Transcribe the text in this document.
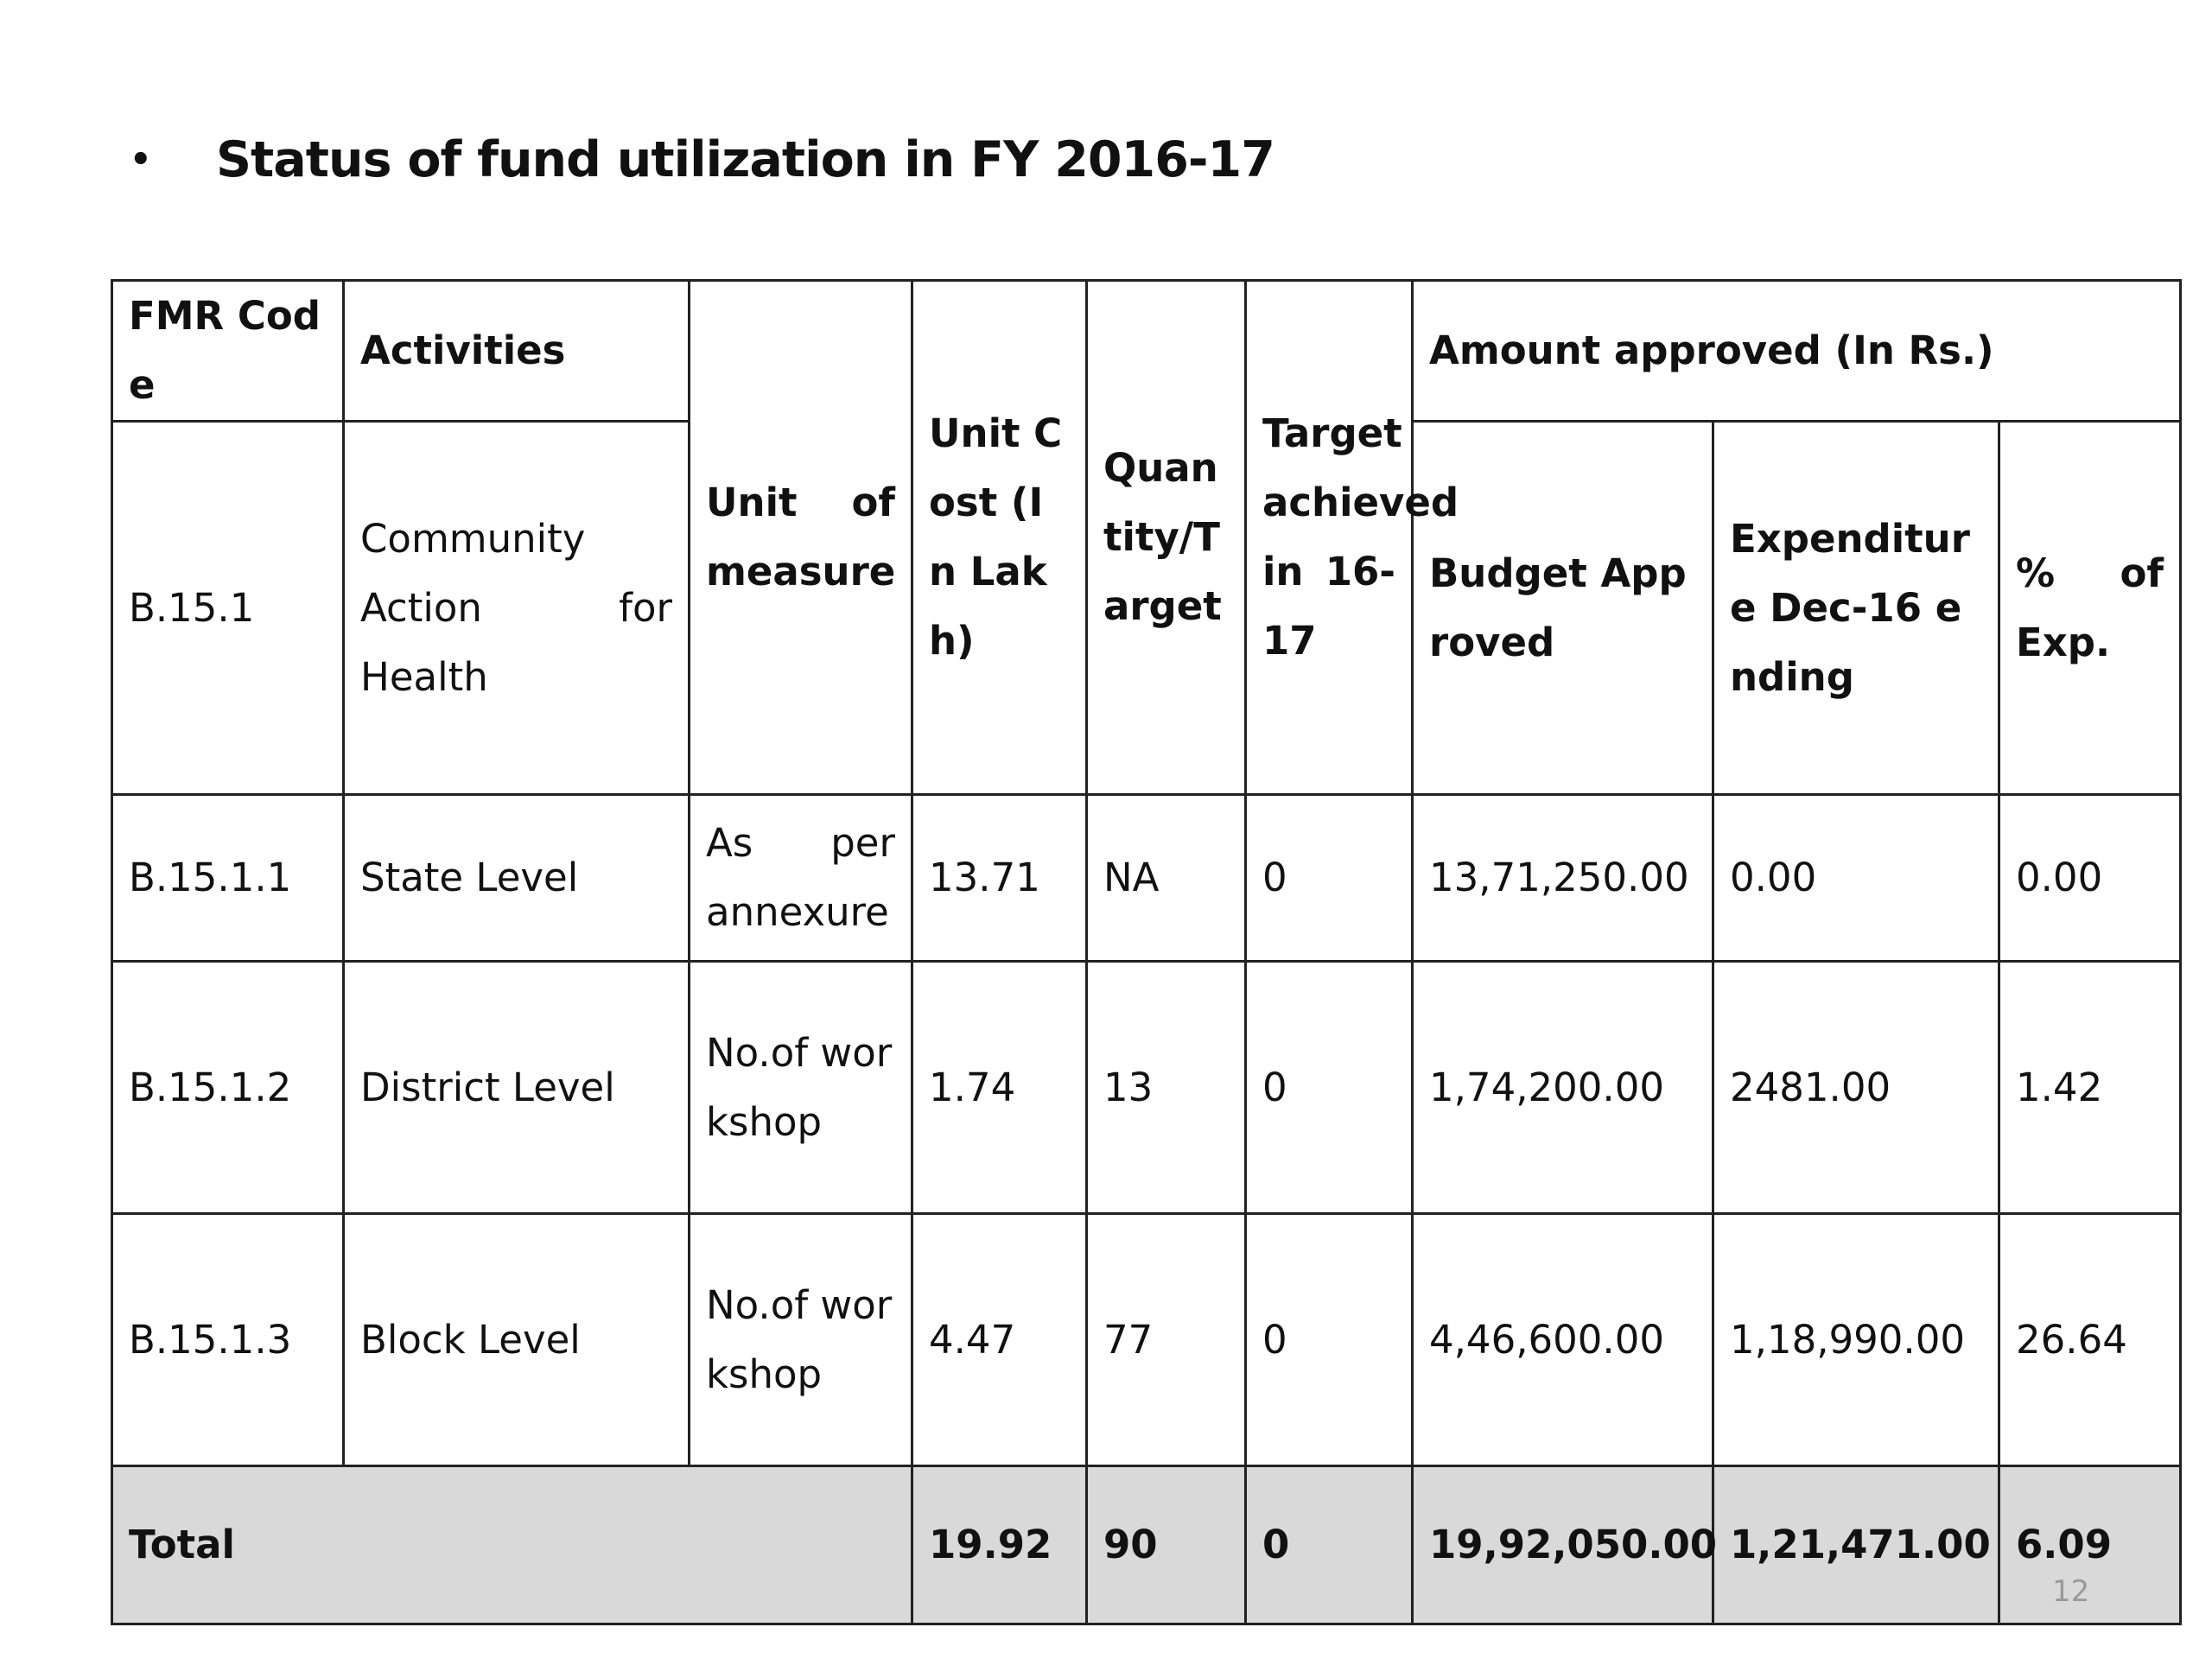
•	Status of fund utilization in FY 2016-17
FMR Code	Activities	Unit of measure	Unit Cost (In Lakh)	Quantity/Target	Target achieved in 16-17	Amount approved (In Rs.)		
B.15.1	Community Action for Health					Budget Approved	Expenditure Dec-16 ending	% of Exp.

B.15.1.1	State Level	As per annexure	13.71	NA	0	13,71,250.00	0.00	0.00
B.15.1.2	District Level	No.of workshop	1.74	13	0	1,74,200.00	2481.00	1.42
B.15.1.3	Block Level	No.of workshop	4.47	77	0	4,46,600.00	1,18,990.00	26.64
Total			19.92	90	0	19,92,050.00	1,21,471.00	6.09
12
